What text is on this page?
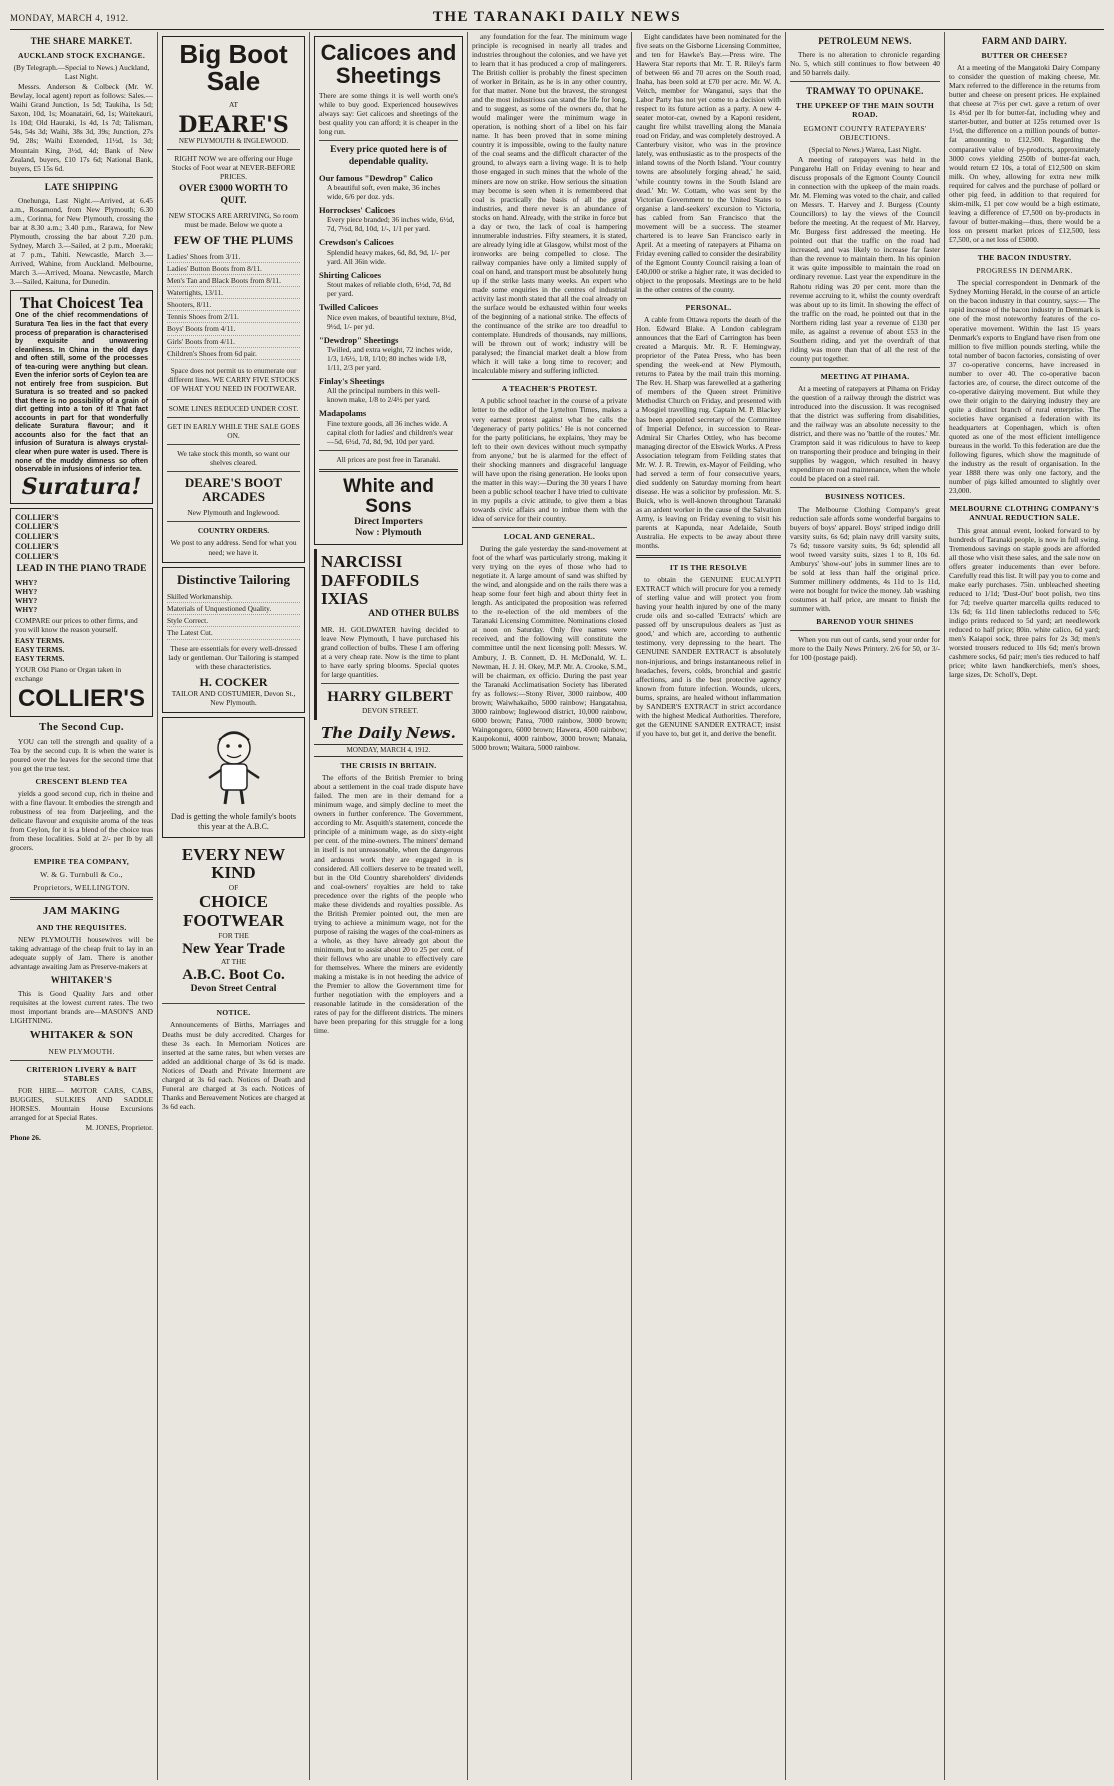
MONDAY, MARCH 4, 1912.	THE TARANAKI DAILY NEWS
THE SHARE MARKET.
AUCKLAND STOCK EXCHANGE.

(By Telegraph.—Special to News.) Auckland, Last Night.

Messrs. Anderson & Colbeck (Mr. W. Bewlay, local agent) report as follows: Sales.—Waihi Grand Junction, 1s 5d; Taukiha, 1s 5d; Saxon, 10d, 1s; Moanatairi, 6d, 1s; Waitekauri, 1s 10d; Old Hauraki, 1s 4d, 1s 7d; Talisman, 54s, 54s 3d; Waihi, 38s 3d, 39s; Junction, 27s 9d, 28s; Waihi Extended, 11½d, 1s 3d; Mountain King, 3½d, 4d; Bank of New Zealand, buyers, £10 17s 6d; National Bank, buyers, £5 15s 6d.

LATE SHIPPING

Onehunga, Last Night.—Arrived, at 6.45 a.m., Rosamond, from New Plymouth; 6.30 a.m., Corinna, for New Plymouth, crossing the bar at 8.30 a.m.; 3.40 p.m., Rarawa, for New Plymouth, crossing the bar about 7.20 p.m. Sydney, March 3.—Sailed, at 2 p.m., Moeraki; at 7 p.m., Tahiti. Newcastle, March 3.—Arrived, Wahine, from Auckland. Melbourne, March 3.—Arrived, Moana. Newcastle, March 3.—Sailed, Kaituna, for Dunedin.

That Choicest Tea

One of the chief recommendations of Suratura Tea lies in the fact that every process of preparation is characterised by exquisite and unwavering cleanliness. In China in the old days and often still, some of the processes of tea-curing were anything but clean. Even the inferior sorts of Ceylon tea are not entirely free from suspicion. But Suratura is so treated and so packed that there is no possibility of a grain of dirt getting into a ton of it! That fact accounts in part for that wonderfully delicate Suratura flavour; and it accounts also for the fact that an infusion of Suratura is always crystal-clear when pure water is used. There is none of the muddy dimness so often observable in infusions of inferior tea.

Suratura!
COLLIER'S
COLLIER'S
COLLIER'S
COLLIER'S
COLLIER'S
LEAD IN THE PIANO TRADE
WHY?
WHY?
WHY?
WHY?

COMPARE our prices to other firms, and you will know the reason yourself.

EASY TERMS.
EASY TERMS.
EASY TERMS.

YOUR Old Piano or Organ taken in exchange

COLLIER'S
The Second Cup.

YOU can tell the strength and quality of a Tea by the second cup. It is when the water is poured over the leaves for the second time that you get the true test.

CRESCENT BLEND TEA

yields a good second cup, rich in theine and with a fine flavour. It embodies the strength and robustness of tea from Darjeeling, and the delicate flavour and exquisite aroma of the teas from Ceylon, for it is a blend of the choice teas from these localities. Sold at 2/- per lb by all grocers.

EMPIRE TEA COMPANY,
W. & G. Turnbull & Co.,
Proprietors, WELLINGTON.
JAM MAKING
AND THE REQUISITES.

NEW PLYMOUTH housewives will be taking advantage of the cheap fruit to lay in an adequate supply of Jam. There is another advantage awaiting Jam as Preserve-makers at

WHITAKER'S

This is Good Quality Jars and other requisites at the lowest current rates. The two most important brands are—MASON'S AND LIGHTNING.

WHITAKER & SON
NEW PLYMOUTH.
CRITERION LIVERY & BAIT STABLES

FOR HIRE— MOTOR CARS, CABS, BUGGIES, SULKIES AND SADDLE HORSES. Mountain House Excursions arranged for at Special Rates.

M. JONES, Proprietor.

Phone 26.

Big Boot Sale

AT

DEARE'S

NEW PLYMOUTH & INGLEWOOD.

RIGHT NOW we are offering our Huge Stocks of Foot wear at NEVER-BEFORE PRICES.

OVER £3000 WORTH TO QUIT.

NEW STOCKS ARE ARRIVING, So room must be made. Below we quote a

FEW OF THE PLUMS
Ladies' Shoes from 3/11.
Ladies' Button Boots from 8/11.
Men's Tan and Black Boots from 8/11.
Watertights, 13/11.
Shooters, 8/11.
Tennis Shoes from 2/11.
Boys' Boots from 4/11.
Girls' Boots from 4/11.
Children's Shoes from 6d pair.

Space does not permit us to enumerate our different lines. WE CARRY FIVE STOCKS OF WHAT YOU NEED IN FOOTWEAR.

SOME LINES REDUCED UNDER COST.

GET IN EARLY WHILE THE SALE GOES ON.

We take stock this month, so want our shelves cleared.

DEARE'S BOOT ARCADES

New Plymouth and Inglewood.

COUNTRY ORDERS.

We post to any address. Send for what you need; we have it.

Distinctive Tailoring
Skilled Workmanship.
Materials of Unquestioned Quality.
Style Correct.
The Latest Cut.

These are essentials for every well-dressed lady or gentleman. Our Tailoring is stamped with these characteristics.

H. COCKER

TAILOR AND COSTUMIER, Devon St., New Plymouth.

Dad is getting the whole family's boots this year at the A.B.C.

EVERY NEW KIND

OF

CHOICE FOOTWEAR

FOR THE

New Year Trade

AT THE

A.B.C. Boot Co.
Devon Street Central
NOTICE.

Announcements of Births, Marriages and Deaths must be duly accredited. Charges for these 3s each. In Memoriam Notices are inserted at the same rates, but when verses are added an additional charge of 3s 6d is made. Notices of Death and Private Interment are charged at 3s 6d each. Notices of Death and Funeral are charged at 3s each. Notices of Thanks and Bereavement Notices are charged at 3s 6d each.

Calicoes and Sheetings

There are some things it is well worth one's while to buy good. Experienced housewives always say: Get calicoes and sheetings of the best quality you can afford; it is cheaper in the long run.

Every price quoted here is of dependable quality.

Our famous "Dewdrop" Calico
A beautiful soft, even make, 36 inches wide, 6/6 per doz. yds.
Horrockses' Calicoes
Every piece branded; 36 inches wide, 6½d, 7d, 7½d, 8d, 10d, 1/-, 1/1 per yard.
Crewdson's Calicoes
Splendid heavy makes, 6d, 8d, 9d, 1/- per yard. All 36in wide.
Shirting Calicoes
Stout makes of reliable cloth, 6½d, 7d, 8d per yard.
Twilled Calicoes
Nice even makes, of beautiful texture, 8½d, 9½d, 1/- per yd.
"Dewdrop" Sheetings
Twilled, and extra weight, 72 inches wide, 1/3, 1/6½, 1/8, 1/10; 80 inches wide 1/8, 1/11, 2/3 per yard.
Finlay's Sheetings
All the principal numbers in this well-known make, 1/8 to 2/4½ per yard.
Madapolams
Fine texture goods, all 36 inches wide. A capital cloth for ladies' and children's wear—5d, 6½d, 7d, 8d, 9d, 10d per yard.

All prices are post free in Taranaki.

White and Sons
Direct Importers
Now : Plymouth
NARCISSI
DAFFODILS
IXIAS
AND OTHER BULBS

MR. H. GOLDWATER having decided to leave New Plymouth, I have purchased his grand collection of bulbs. These I am offering at a very cheap rate. Now is the time to plant to have early spring blooms. Special quotes for large quantities.

HARRY GILBERT

DEVON STREET.

The Daily News.
MONDAY, MARCH 4, 1912.
THE CRISIS IN BRITAIN.

The efforts of the British Premier to bring about a settlement in the coal trade dispute have failed. The men are in their demand for a minimum wage, and simply decline to meet the owners in further conference. The Government, according to Mr. Asquith's statement, concede the principle of a minimum wage, as do sixty-eight per cent. of the mine-owners. The miners' demand in itself is not unreasonable, when the dangerous and arduous work they are engaged in is considered. All colliers deserve to be treated well, but in the Old Country shareholders' dividends and coal-owners' royalties are held to take precedence over the rights of the people who make these dividends and royalties possible. As the British Premier pointed out, the men are trying to achieve a minimum wage, not for the purpose of raising the wages of the coal-miners as a whole, as they have already got about the minimum, but to assist about 20 to 25 per cent. of their fellows who are unable to effectively care for themselves. Where the miners are evidently making a mistake is in not heeding the advice of the Premier to allow the Government time for further negotiation with the employers and a reasonable latitude in the consideration of the rates of pay for the different districts. The miners have been preparing for this struggle for a long time.

any foundation for the fear. The minimum wage principle is recognised in nearly all trades and industries throughout the colonies, and we have yet to learn that it has produced a crop of malingerers. The British collier is probably the finest specimen of worker in Britain, as he is in any other country, for that matter. None but the bravest, the strongest and the most industrious can stand the life for long, and to suggest, as some of the owners do, that he would malinger were the minimum wage in operation, is nothing short of a libel on his fair name. It has been proved that in some mining country it is impossible, owing to the faulty nature of the coal seams and the difficult character of the ground, to always earn a living wage. It is to help those engaged in such mines that the whole of the miners are now on strike. How serious the situation may become is seen when it is remembered that coal is practically the basis of all the great industries, and there never is an abundance of stocks on hand. Already, with the strike in force but a day or two, the lack of coal is hampering innumerable industries. Fifty steamers, it is stated, are already lying idle at Glasgow, whilst most of the ironworks are being compelled to close. The railway companies have only a limited supply of coal on hand, and transport must be absolutely hung up if the strike lasts many weeks. An expert who made some enquiries in the centres of industrial activity last month stated that all the coal already on the surface would be exhausted within four weeks of the beginning of a national strike. The effects of the continuance of the strike are too dreadful to contemplate. Hundreds of thousands, nay millions, will be thrown out of work; industry will be paralysed; the financial market dealt a blow from which it will take a long time to recover; and incalculable misery and suffering inflicted.

A TEACHER'S PROTEST.

A public school teacher in the course of a private letter to the editor of the Lyttelton Times, makes a very earnest protest against what he calls the 'degeneracy of party politics.' He is not concerned for the party politicians, he explains, 'they may be left to their own devices without much sympathy from anyone,' but he is alarmed for the effect of their shocking manners and disgraceful language will have upon the rising generation. He looks upon the matter in this way:—During the 30 years I have been a public school teacher I have tried to cultivate in my pupils a civic attitude, to give them a bias towards civic affairs and to imbue them with the idea of service for their country.

LOCAL AND GENERAL.

During the gale yesterday the sand-movement at foot of the wharf was particularly strong, making it very trying on the eyes of those who had to negotiate it. A large amount of sand was shifted by the wind, and alongside and on the rails there was a heap some four feet high and about thirty feet in length. As anticipated the proposition was referred to the re-election of the old members of the Taranaki Licensing Committee. Nominations closed at noon on Saturday. Only five names were received, and the following will constitute the committee until the next licensing poll: Messrs. W. Ambury, J. B. Connett, D. H. McDonald, W. L. Newman, H. J. H. Okey, M.P. Mr. A. Crooke, S.M., will be chairman, ex officio. During the past year the Taranaki Acclimatisation Society has liberated fry as follows:—Stony River, 3000 rainbow, 400 brown; Waiwhakaiho, 5000 rainbow; Hangatahua, 3000 rainbow; Inglewood district, 10,000 rainbow, 6000 brown; Patea, 7000 rainbow, 3000 brown; Waingongoro, 6000 brown; Hawera, 4500 rainbow; Kaupokonui, 4000 rainbow, 3000 brown; Manaia, 5000 brown; Waitara, 5000 rainbow.

Eight candidates have been nominated for the five seats on the Gisborne Licensing Committee, and ten for Hawke's Bay.—Press wire. The Hawera Star reports that Mr. T. R. Riley's farm of between 66 and 70 acres on the South road, Inaha, has been sold at £70 per acre. Mr. W. A. Veitch, member for Wanganui, says that the Labor Party has not yet come to a decision with respect to its future action as a party. A new 4-seater motor-car, owned by a Kaponi resident, caught fire whilst travelling along the Manaia road on Friday, and was completely destroyed. A Canterbury visitor, who was in the province lately, was enthusiastic as to the prospects of the inland towns of the North Island. 'Your country towns are absolutely forging ahead,' he said, 'while country towns in the South Island are dead.' Mr. W. Cottam, who was sent by the Victorian Government to the United States to organise a land-seekers' excursion to Victoria, has cabled from San Francisco that the movement will be a success. The steamer chartered is to leave San Francisco early in April. At a meeting of ratepayers at Pihama on Friday evening called to consider the desirability of the Egmont County Council raising a loan of £40,000 or strike a higher rate, it was decided to object to the proposals. Meetings are to be held in the other centres of the county.

PERSONAL.

A cable from Ottawa reports the death of the Hon. Edward Blake. A London cablegram announces that the Earl of Carrington has been created a Marquis. Mr. R. F. Hemingway, proprietor of the Patea Press, who has been spending the week-end at New Plymouth, returns to Patea by the mail train this morning. The Rev. H. Sharp was farewelled at a gathering of members of the Queen street Primitive Methodist Church on Friday, and presented with a Mosgiel travelling rug. Captain M. P. Blackey has been appointed secretary of the Committee of Imperial Defence, in succession to Rear-Admiral Sir Charles Ottley, who has become managing director of the Elswick Works. A Press Association telegram from Feilding states that Mr. W. J. R. Trewin, ex-Mayor of Feilding, who had served a term of four consecutive years, died suddenly on Saturday morning from heart disease. He was a solicitor by profession. Mr. S. Buick, who is well-known throughout Taranaki as an ardent worker in the cause of the Salvation Army, is leaving on Friday evening to visit his parents at Kapunda, near Adelaide, South Australia. He expects to be away about three months.

IT IS THE RESOLVE

to obtain the GENUINE EUCALYPTI EXTRACT which will procure for you a remedy of sterling value and will protect you from having your health injured by one of the many crude oils and so-called 'Extracts' which are passed off by unscrupulous dealers as 'just as good,' and which are, according to authentic testimony, very depressing to the heart. The GENUINE SANDER EXTRACT is absolutely non-injurious, and brings instantaneous relief in headaches, fevers, colds, bronchial and gastric affections, and is the best protective agency known from future infection. Wounds, ulcers, burns, sprains, are healed without inflammation by SANDER'S EXTRACT in strict accordance with the highest Medical Authorities. Therefore, get the GENUINE SANDER EXTRACT; insist if you have to, but get it, and derive the benefit.

PETROLEUM NEWS.

There is no alteration to chronicle regarding No. 5, which still continues to flow between 40 and 50 barrels daily.

TRAMWAY TO OPUNAKE.
THE UPKEEP OF THE MAIN SOUTH ROAD.
EGMONT COUNTY RATEPAYERS' OBJECTIONS.

(Special to News.) Warea, Last Night.

A meeting of ratepayers was held in the Pungarehu Hall on Friday evening to hear and discuss proposals of the Egmont County Council in connection with the upkeep of the main roads. Mr. M. Fleming was voted to the chair, and called on Messrs. T. Harvey and J. Burgess (County Councillors) to lay the views of the Council before the meeting. At the request of Mr. Harvey, Mr. Burgess first addressed the meeting. He pointed out that the traffic on the road had increased, and was likely to increase far faster than the revenue to maintain them. In his opinion it was quite impossible to maintain the road on ordinary revenue. Last year the expenditure in the Rahotu riding was 20 per cent. more than the revenue accruing to it, whilst the county overdraft was about up to its limit. In showing the effect of the traffic on the road, he pointed out that in the Northern riding last year a revenue of £130 per mile, as against a revenue of about £53 in the Southern riding, and yet the overdraft of that riding was more than that of all the rest of the county put together.

MEETING AT PIHAMA.

At a meeting of ratepayers at Pihama on Friday the question of a railway through the district was introduced into the discussion. It was recognised that the district was suffering from disabilities, and the railway was an absolute necessity to the district, and there was no 'battle of the routes.' Mr. Crampton said it was ridiculous to have to keep on transporting their produce and bringing in their supplies by waggon, which resulted in heavy expenditure on road maintenance, when the whole could be placed on a steel rail.

BUSINESS NOTICES.

The Melbourne Clothing Company's great reduction sale affords some wonderful bargains to buyers of boys' apparel. Boys' striped indigo drill varsity suits, 6s 6d; plain navy drill varsity suits, 7s 6d; tussore varsity suits, 9s 6d; splendid all wool tweed varsity suits, sizes 1 to 8, 10s 6d. Amburys' 'show-out' jobs in summer lines are to be sold at less than half the original price. Summer millinery oddments, 4s 11d to 1s 11d, were not bought for twice the money. Jab washing costumes at half price, are meant to finish the summer with.

BARENOD YOUR SHINES

When you run out of cards, send your order for more to the Daily News Printery. 2/6 for 50, or 3/- for 100 (postage paid).

FARM AND DAIRY.
BUTTER OR CHEESE?

At a meeting of the Mangatoki Dairy Company to consider the question of making cheese, Mr. Marx referred to the difference in the returns from butter and cheese on present prices. He explained that cheese at 7½s per cwt. gave a return of over 1s 4½d per lb for butter-fat, including whey and starter-butter, and butter at 125s returned over 1s 1½d, the difference on a million pounds of butter-fat amounting to £12,500. Regarding the comparative value of by-products, approximately 3000 cows yielding 250lb of butter-fat each, would return £2 10s, a total of £12,500 on skim milk. On whey, allowing for extra new milk required for calves and the purchase of pollard or other pig feed, in addition to that required for skim-milk, £1 per cow would be a high estimate, leaving a difference of £7,500 on by-products in favour of butter-making—thus, there would be a loss on present market prices of £12,500, less £7,500, or a net loss of £5000.

THE BACON INDUSTRY.
PROGRESS IN DENMARK.

The special correspondent in Denmark of the Sydney Morning Herald, in the course of an article on the bacon industry in that country, says:— The rapid increase of the bacon industry in Denmark is one of the most noteworthy features of the co-operative movement. Within the last 15 years Denmark's exports to England have risen from one million to five million pounds sterling, while the total number of bacon factories, consisting of over 37 co-operative concerns, have increased in number to over 40. The co-operative bacon factories are, of course, the direct outcome of the co-operative dairying movement. But while they owe their origin to the dairying industry they are quite a distinct branch of rural enterprise. The societies have organised a federation with its headquarters at Copenhagen, which is often quoted as one of the most efficient intelligence bureaus in the world. To this federation are due the following figures, which show the magnitude of the industry as the result of organisation. In the year 1888 there was only one factory, and the number of pigs killed amounted to slightly over 23,000.

MELBOURNE CLOTHING COMPANY'S ANNUAL REDUCTION SALE.

This great annual event, looked forward to by hundreds of Taranaki people, is now in full swing. Tremendous savings on staple goods are afforded all those who visit these sales, and the sale now on offers greater inducements than ever before. Carefully read this list. It will pay you to come and make early purchases. 75in. unbleached sheeting reduced to 1/1d; 'Dust-Out' boot polish, two tins for 7d; twelve quarter marcella quilts reduced to 13s 6d; 6s 11d linen tablecloths reduced to 5/6; indigo prints reduced to 5d yard; art needlework reduced to half price; 80in. white calico, 6d yard; men's Kaiapoi sock, three pairs for 2s 3d; men's worsted trousers reduced to 10s 6d; men's brown cashmere socks, 6d pair; men's ties reduced to half price; white lawn handkerchiefs, men's shoes, large sizes, Dr. Scholl's, Dept.
